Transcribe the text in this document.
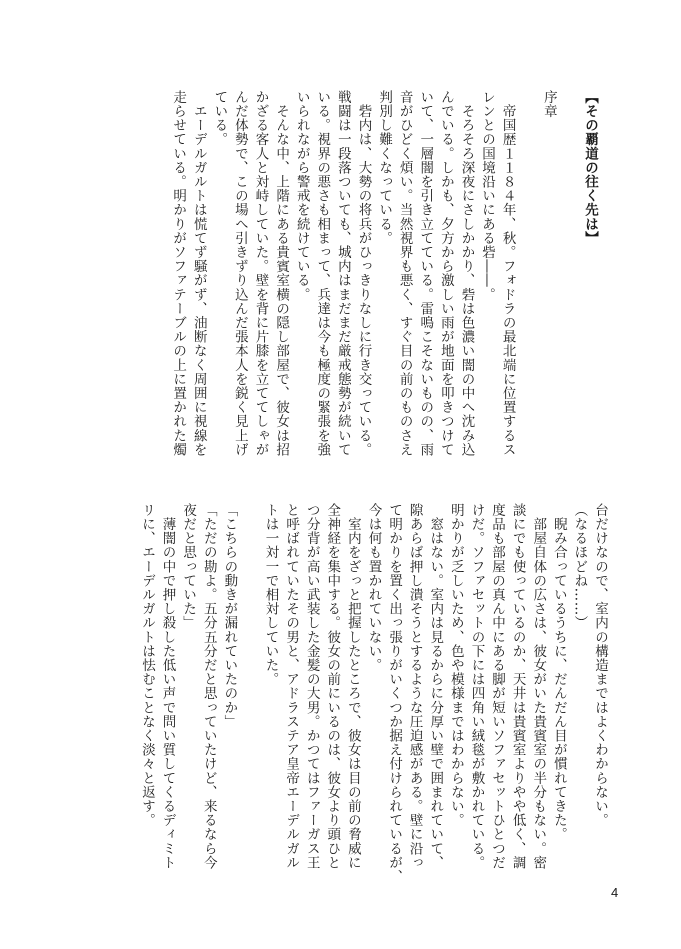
【その覇道の往く先は】
序章
　帝国歴１１８４年、秋。フォドラの最北端に位置するス
レンとの国境沿いにある砦――。
　そろそろ深夜にさしかかり、砦は色濃い闇の中へ沈み込
んでいる。しかも、夕方から激しい雨が地面を叩きつけて
いて、一層闇を引き立てている。雷鳴こそないものの、雨
音がひどく煩い。当然視界も悪く、すぐ目の前のものさえ
判別し難くなっている。
　砦内は、大勢の将兵がひっきりなしに行き交っている。
戦闘は一段落ついても、城内はまだまだ厳戒態勢が続いて
いる。視界の悪さも相まって、兵達は今も極度の緊張を強
いられながら警戒を続けている。
　そんな中、上階にある貴賓室横の隠し部屋で、彼女は招
かざる客人と対峙していた。壁を背に片膝を立ててしゃが
んだ体勢で、この場へ引きずり込んだ張本人を鋭く見上げ
ている。
　エーデルガルトは慌てず騒がず、油断なく周囲に視線を
走らせている。明かりがソファテーブルの上に置かれた燭
台だけなので、室内の構造まではよくわからない。
（なるほどね……）
　睨み合っているうちに、だんだん目が慣れてきた。
　部屋自体の広さは、彼女がいた貴賓室の半分もない。密
談にでも使っているのか、天井は貴賓室よりやや低く、調
度品も部屋の真ん中にある脚が短いソファセットひとつだ
けだ。ソファセットの下には四角い絨毯が敷かれている。
明かりが乏しいため、色や模様まではわからない。
　窓はない。室内は見るからに分厚い壁で囲まれていて、
隙あらば押し潰そうとするような圧迫感がある。壁に沿っ
て明かりを置く出っ張りがいくつか据え付けられているが、
今は何も置かれていない。
　室内をざっと把握したところで、彼女は目の前の脅威に
全神経を集中する。彼女の前にいるのは、彼女より頭ひと
つ分背が高い武装した金髪の大男。かつてはファーガス王
と呼ばれていたその男と、アドラステア皇帝エーデルガル
トは一対一で相対していた。
「こちらの動きが漏れていたのか」
「ただの勘よ。五分五分だと思っていたけど、来るなら今
夜だと思っていた」
　薄闇の中で押し殺した低い声で問い質してくるディミト
リに、エーデルガルトは怯むことなく淡々と返す。
4
